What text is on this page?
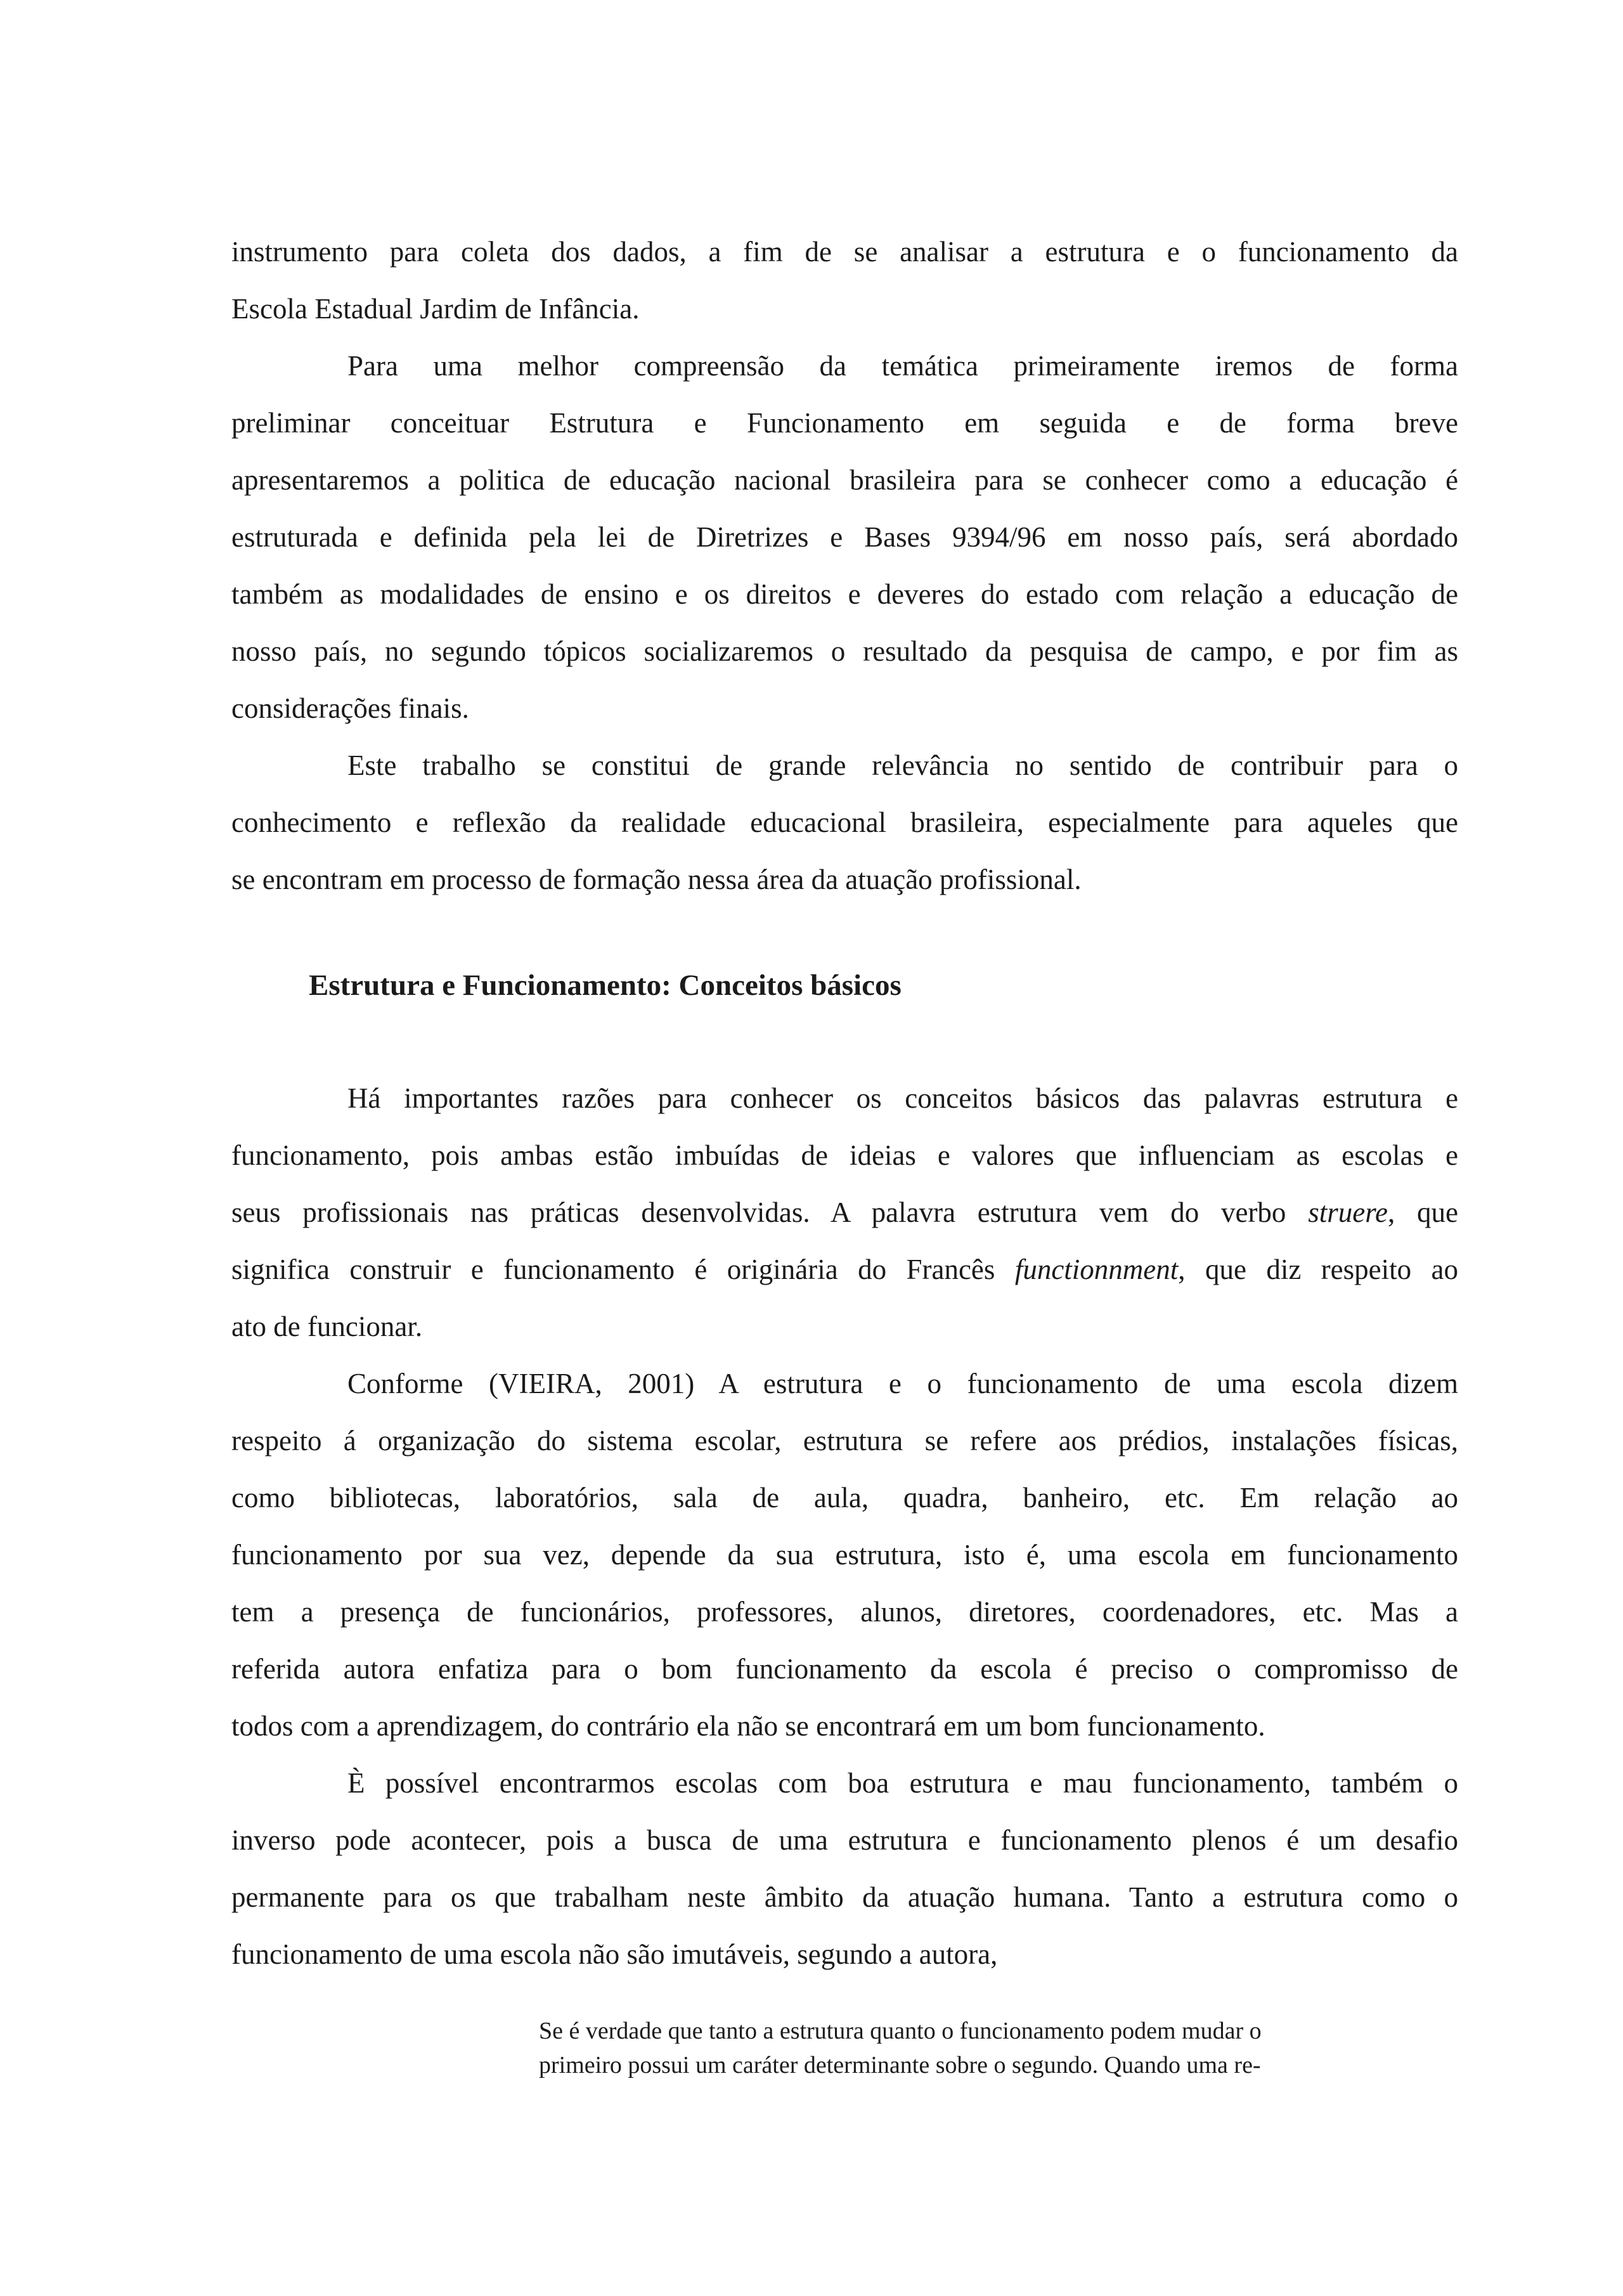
instrumento para coleta dos dados, a fim de se analisar a estrutura e o funcionamento da
Escola Estadual Jardim de Infância.
Para uma melhor compreensão da temática primeiramente iremos de forma
preliminar conceituar Estrutura e Funcionamento em seguida e de forma breve
apresentaremos a politica de educação nacional brasileira para se conhecer como a educação é
estruturada e definida pela lei de Diretrizes e Bases 9394/96 em nosso país, será abordado
também as modalidades de ensino e os direitos e deveres do estado com relação a educação de
nosso país, no segundo tópicos socializaremos o resultado da pesquisa de campo, e por fim as
considerações finais.
Este trabalho se constitui de grande relevância no sentido de contribuir para o
conhecimento e reflexão da realidade educacional brasileira, especialmente para aqueles que
se encontram em processo de formação nessa área da atuação profissional.
Estrutura e Funcionamento: Conceitos básicos
Há importantes razões para conhecer os conceitos básicos das palavras estrutura e
funcionamento, pois ambas estão imbuídas de ideias e valores que influenciam as escolas e
seus profissionais nas práticas desenvolvidas. A palavra estrutura vem do verbo struere, que
significa construir e funcionamento é originária do Francês functionnment, que diz respeito ao
ato de funcionar.
Conforme (VIEIRA, 2001) A estrutura e o funcionamento de uma escola dizem
respeito á organização do sistema escolar, estrutura se refere aos prédios, instalações físicas,
como bibliotecas, laboratórios, sala de aula, quadra, banheiro, etc. Em relação ao
funcionamento por sua vez, depende da sua estrutura, isto é, uma escola em funcionamento
tem a presença de funcionários, professores, alunos, diretores, coordenadores, etc. Mas a
referida autora enfatiza para o bom funcionamento da escola é preciso o compromisso de
todos com a aprendizagem, do contrário ela não se encontrará em um bom funcionamento.
È possível encontrarmos escolas com boa estrutura e mau funcionamento, também o
inverso pode acontecer, pois a busca de uma estrutura e funcionamento plenos é um desafio
permanente para os que trabalham neste âmbito da atuação humana. Tanto a estrutura como o
funcionamento de uma escola não são imutáveis, segundo a autora,
Se é verdade que tanto a estrutura quanto o funcionamento podem mudar o
primeiro possui um caráter determinante sobre o segundo. Quando uma re-
